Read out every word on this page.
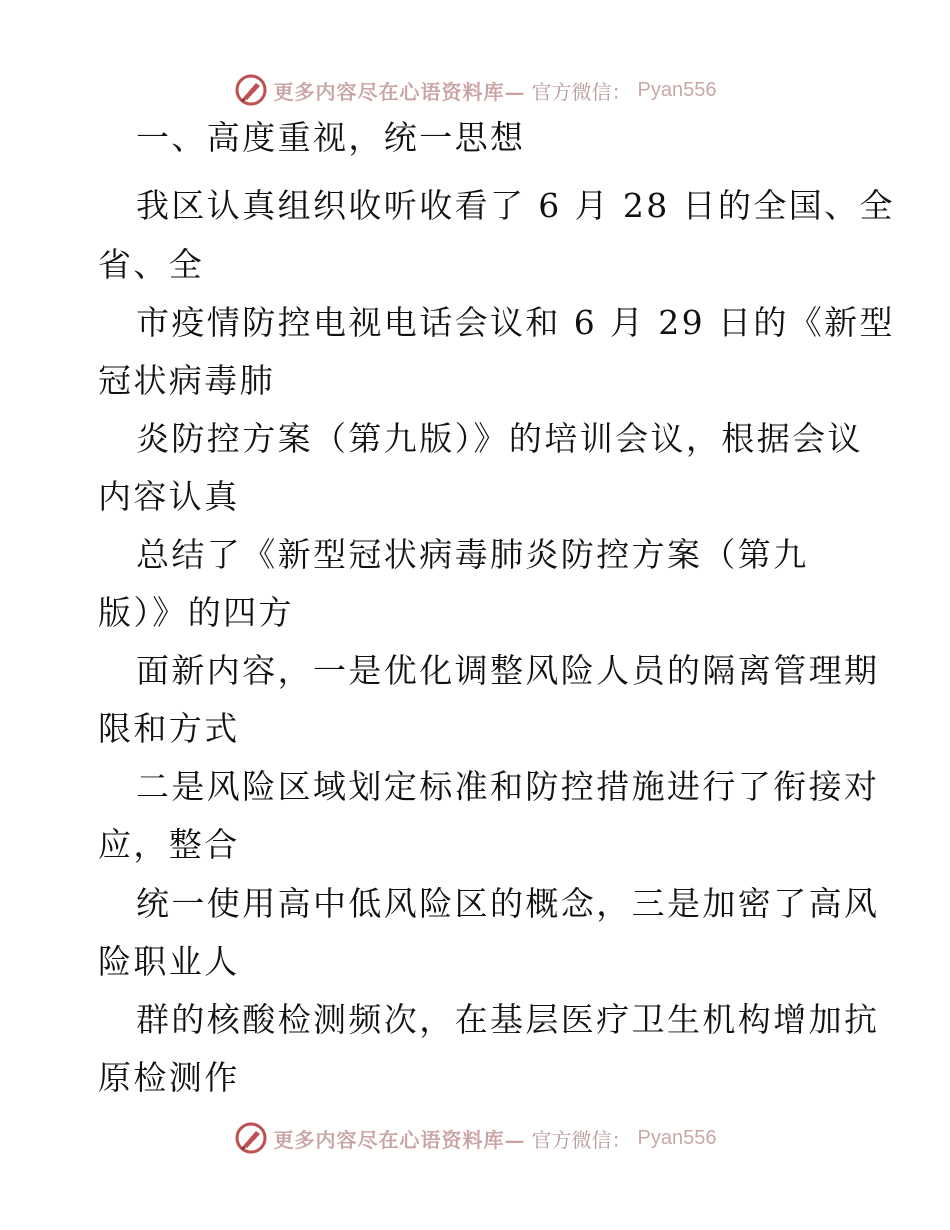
更多内容尽在心语资料库— 官方微信： Pyan556
一、高度重视，统一思想
我区认真组织收听收看了 6 月 28 日的全国、全
省、全
市疫情防控电视电话会议和 6 月 29 日的《新型
冠状病毒肺
炎防控方案（第九版）》的培训会议，根据会议
内容认真
总结了《新型冠状病毒肺炎防控方案（第九
版）》的四方
面新内容，一是优化调整风险人员的隔离管理期
限和方式
二是风险区域划定标准和防控措施进行了衔接对
应，整合
统一使用高中低风险区的概念，三是加密了高风
险职业人
群的核酸检测频次，在基层医疗卫生机构增加抗
原检测作
更多内容尽在心语资料库— 官方微信： Pyan556
